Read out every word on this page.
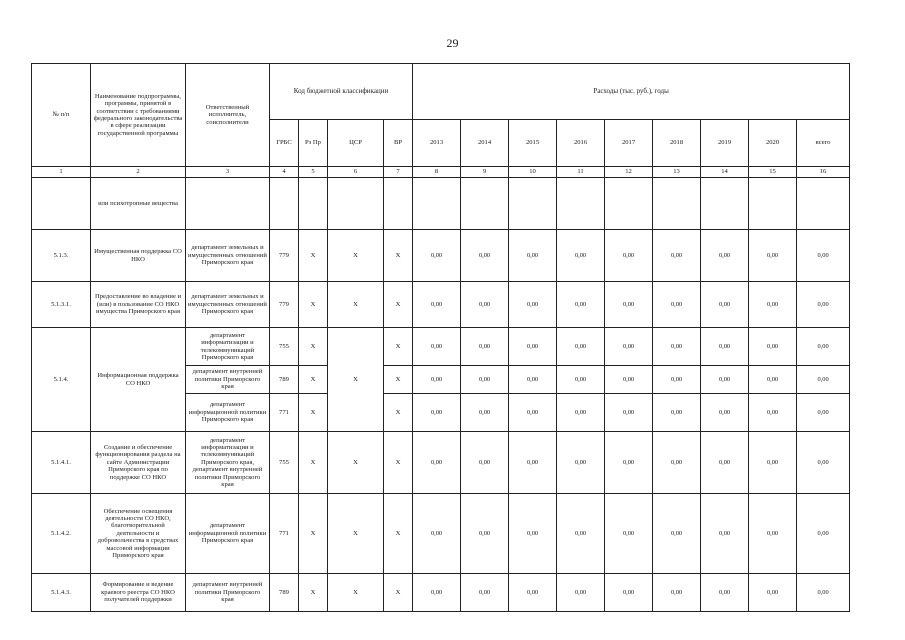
29
№ п/п	Наименование подпрограммы, программы, принятой в соответствии с требованиями федерального законодательства в сфере реализации государственной программы	Ответственный исполнитель, соисполнители	Код бюджетной классификации				Расходы (тыс. руб.), годы								
			ГРБС	Рз Пр	ЦСР	ВР	2013	2014	2015	2016	2017	2018	2019	2020	всего
1	2	3	4	5	6	7	8	9	10	11	12	13	14	15	16
	или психотропные вещества														
5.1.3.	Имущественная поддержка СО НКО	департамент земельных и имущественных отношений Приморского края	779	Х	Х	Х	0,00	0,00	0,00	0,00	0,00	0,00	0,00	0,00	0,00
5.1.3.1.	Предоставление во владение и (или) в пользование СО НКО имущества Приморского края	департамент земельных и имущественных отношений Приморского края	779	Х	Х	Х	0,00	0,00	0,00	0,00	0,00	0,00	0,00	0,00	0,00
5.1.4.	Информационная поддержка СО НКО	департамент информатизации и телекоммуникаций Приморского края	755	Х	Х	Х	0,00	0,00	0,00	0,00	0,00	0,00	0,00	0,00	0,00
		департамент внутренней политики Приморского края	789	Х		Х	0,00	0,00	0,00	0,00	0,00	0,00	0,00	0,00	0,00
		департамент информационной политики Приморского края	771	Х		Х	0,00	0,00	0,00	0,00	0,00	0,00	0,00	0,00	0,00
5.1.4.1.	Создание и обеспечение функционирования раздела на сайте Администрации Приморского края по поддержке СО НКО	департамент информатизации и телекоммуникаций Приморского края, департамент внутренней политики Приморского края	755	Х	Х	Х	0,00	0,00	0,00	0,00	0,00	0,00	0,00	0,00	0,00
5.1.4.2.	Обеспечение освещения деятельности СО НКО, благотворительной деятельности и добровольчества в средствах массовой информации Приморского края	департамент информационной политики Приморского края	771	Х	Х	Х	0,00	0,00	0,00	0,00	0,00	0,00	0,00	0,00	0,00
5.1.4.3.	Формирование и ведение краевого реестра СО НКО получателей поддержки	департамент внутренней политики Приморского края	789	Х	Х	Х	0,00	0,00	0,00	0,00	0,00	0,00	0,00	0,00	0,00
